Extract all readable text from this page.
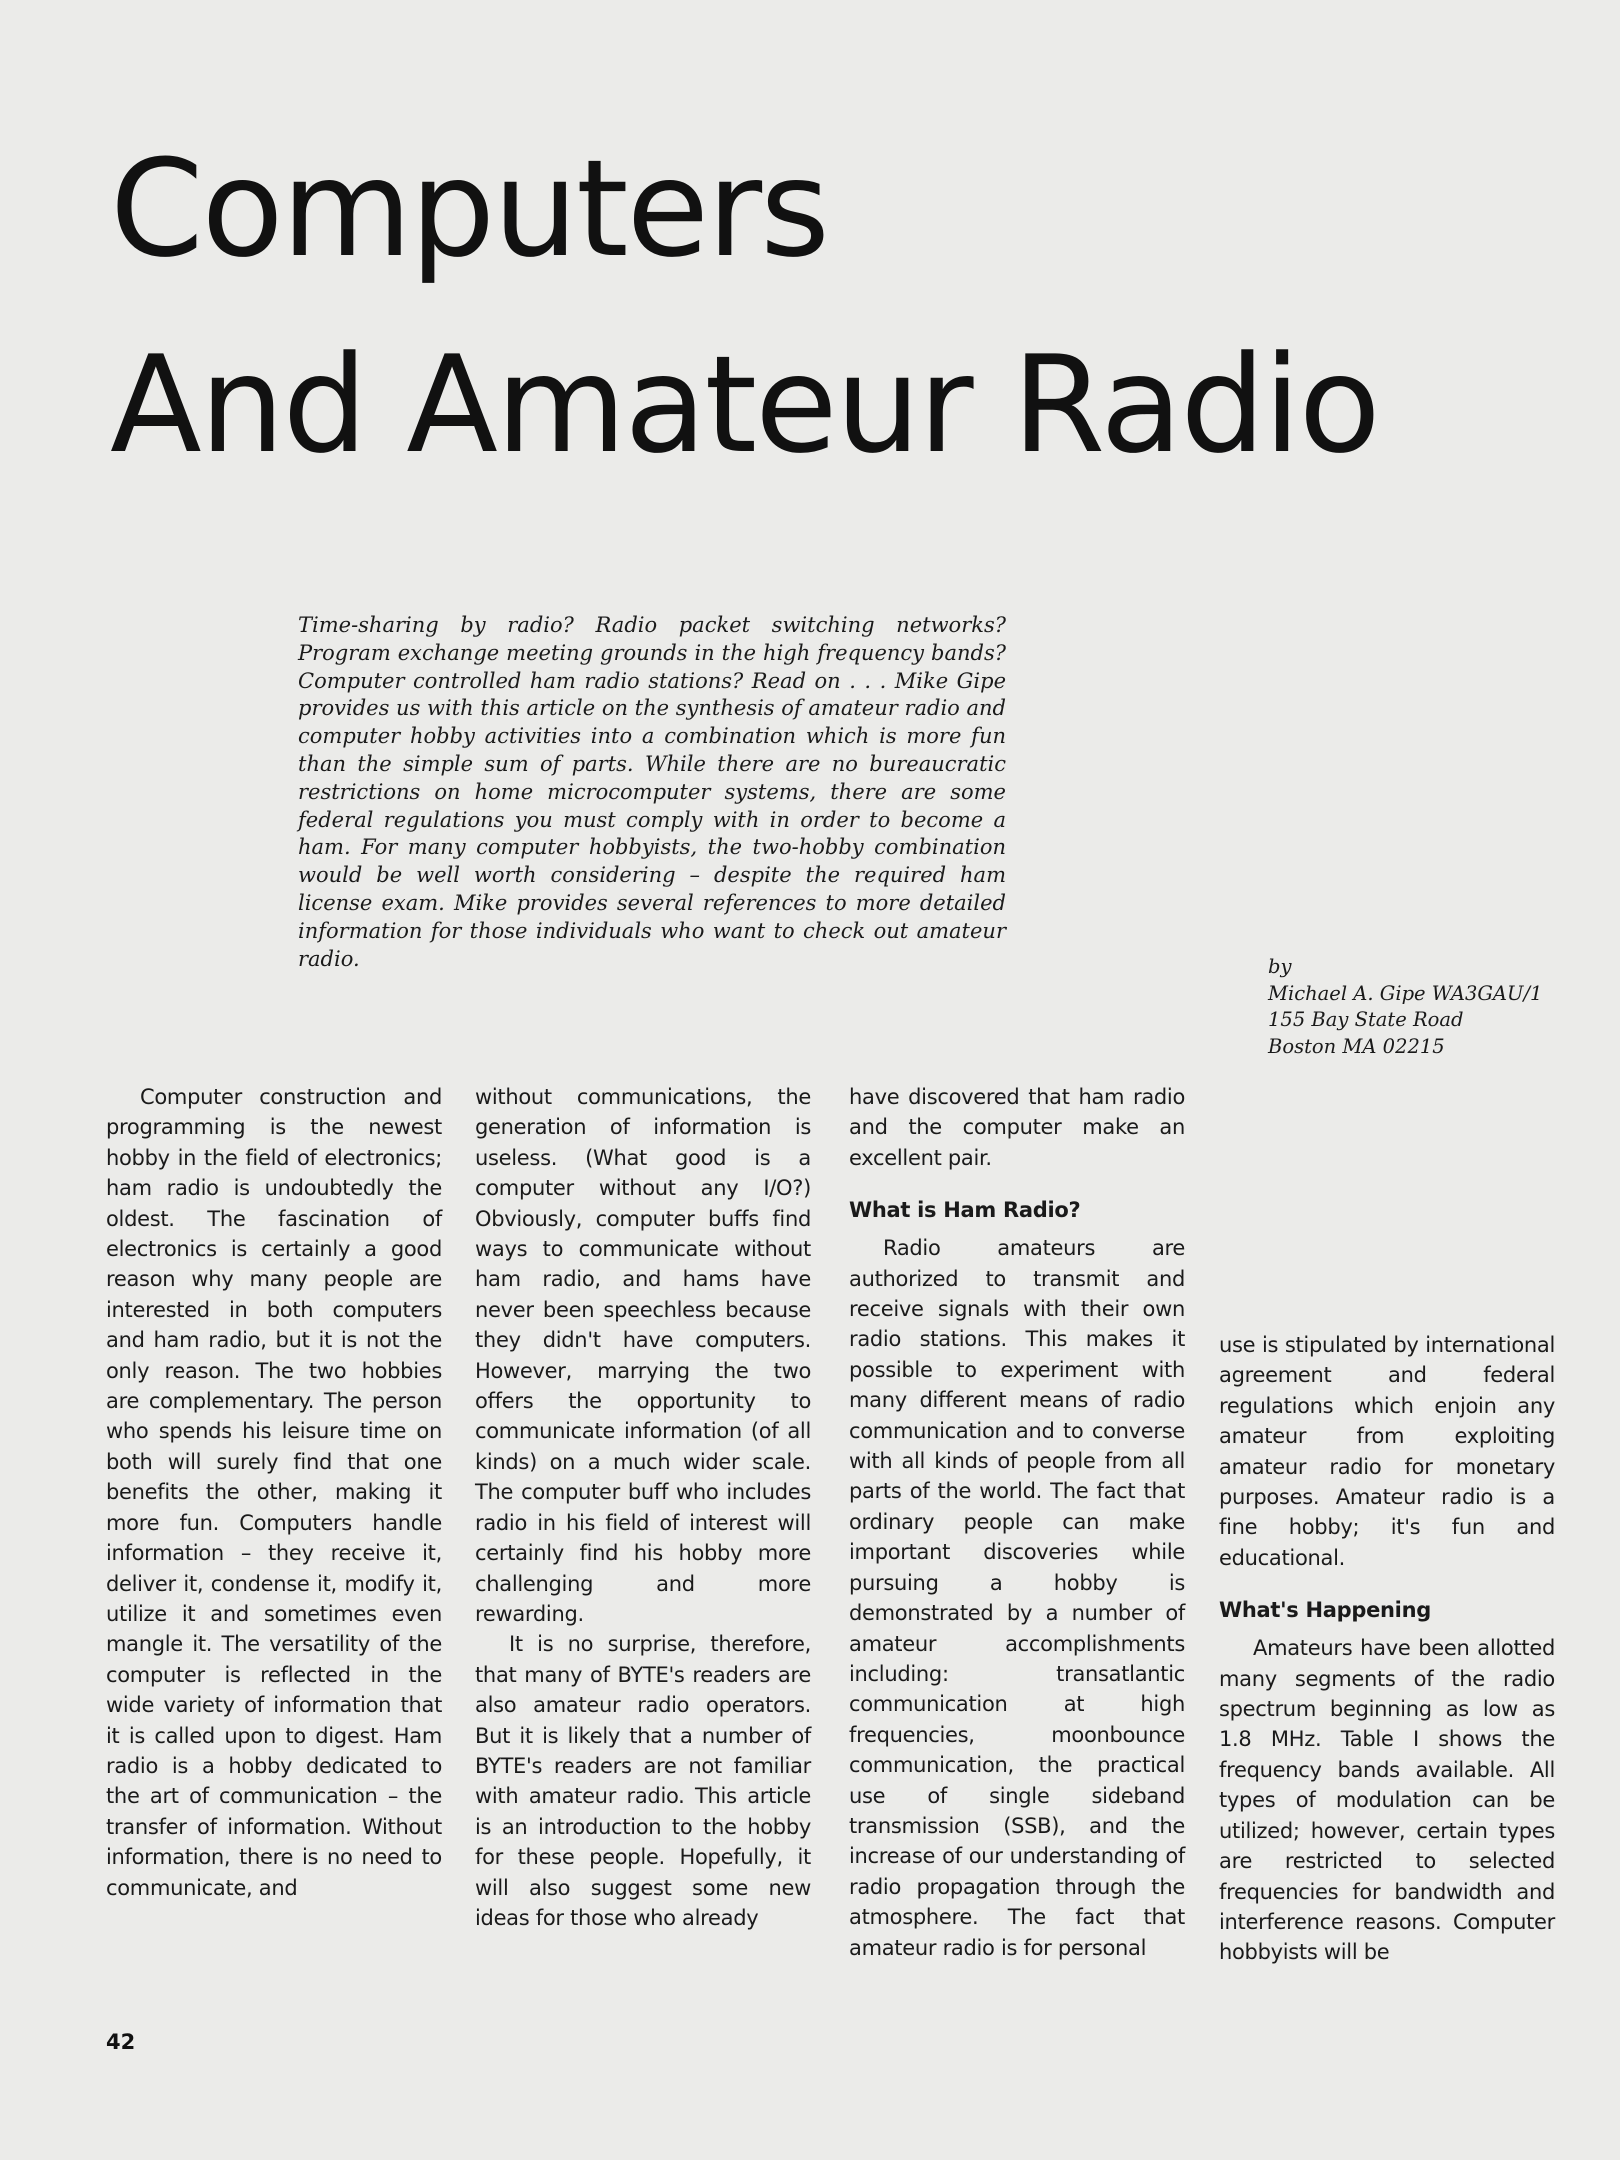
Computers
And Amateur Radio

Time-sharing by radio? Radio packet switching networks? Program exchange meeting grounds in the high frequency bands? Computer controlled ham radio stations? Read on . . . Mike Gipe provides us with this article on the synthesis of amateur radio and computer hobby activities into a combination which is more fun than the simple sum of parts. While there are no bureaucratic restrictions on home microcomputer systems, there are some federal regulations you must comply with in order to become a ham. For many computer hobbyists, the two-hobby combination would be well worth considering – despite the required ham license exam. Mike provides several references to more detailed information for those individuals who want to check out amateur radio.	by
Michael A. Gipe WA3GAU/1
155 Bay State Road
Boston MA 02215

Computer construction and programming is the newest hobby in the field of electronics; ham radio is undoubtedly the oldest. The fascination of electronics is certainly a good reason why many people are interested in both computers and ham radio, but it is not the only reason. The two hobbies are complementary. The person who spends his leisure time on both will surely find that one benefits the other, making it more fun. Computers handle information – they receive it, deliver it, condense it, modify it, utilize it and sometimes even mangle it. The versatility of the computer is reflected in the wide variety of information that it is called upon to digest. Ham radio is a hobby dedicated to the art of communication – the transfer of information. Without information, there is no need to communicate, and

without communications, the generation of information is useless. (What good is a computer without any I/O?) Obviously, computer buffs find ways to communicate without ham radio, and hams have never been speechless because they didn't have computers. However, marrying the two offers the opportunity to communicate information (of all kinds) on a much wider scale. The computer buff who includes radio in his field of interest will certainly find his hobby more challenging and more rewarding.

It is no surprise, therefore, that many of BYTE's readers are also amateur radio operators. But it is likely that a number of BYTE's readers are not familiar with amateur radio. This article is an introduction to the hobby for these people. Hopefully, it will also suggest some new ideas for those who already

have discovered that ham radio and the computer make an excellent pair.

What is Ham Radio?

Radio amateurs are authorized to transmit and receive signals with their own radio stations. This makes it possible to experiment with many different means of radio communication and to converse with all kinds of people from all parts of the world. The fact that ordinary people can make important discoveries while pursuing a hobby is demonstrated by a number of amateur accomplishments including: transatlantic communication at high frequencies, moonbounce communication, the practical use of single sideband transmission (SSB), and the increase of our understanding of radio propagation through the atmosphere. The fact that amateur radio is for personal

use is stipulated by international agreement and federal regulations which enjoin any amateur from exploiting amateur radio for monetary purposes. Amateur radio is a fine hobby; it's fun and educational.

What's Happening

Amateurs have been allotted many segments of the radio spectrum beginning as low as 1.8 MHz. Table I shows the frequency bands available. All types of modulation can be utilized; however, certain types are restricted to selected frequencies for bandwidth and interference reasons. Computer hobbyists will be

42
